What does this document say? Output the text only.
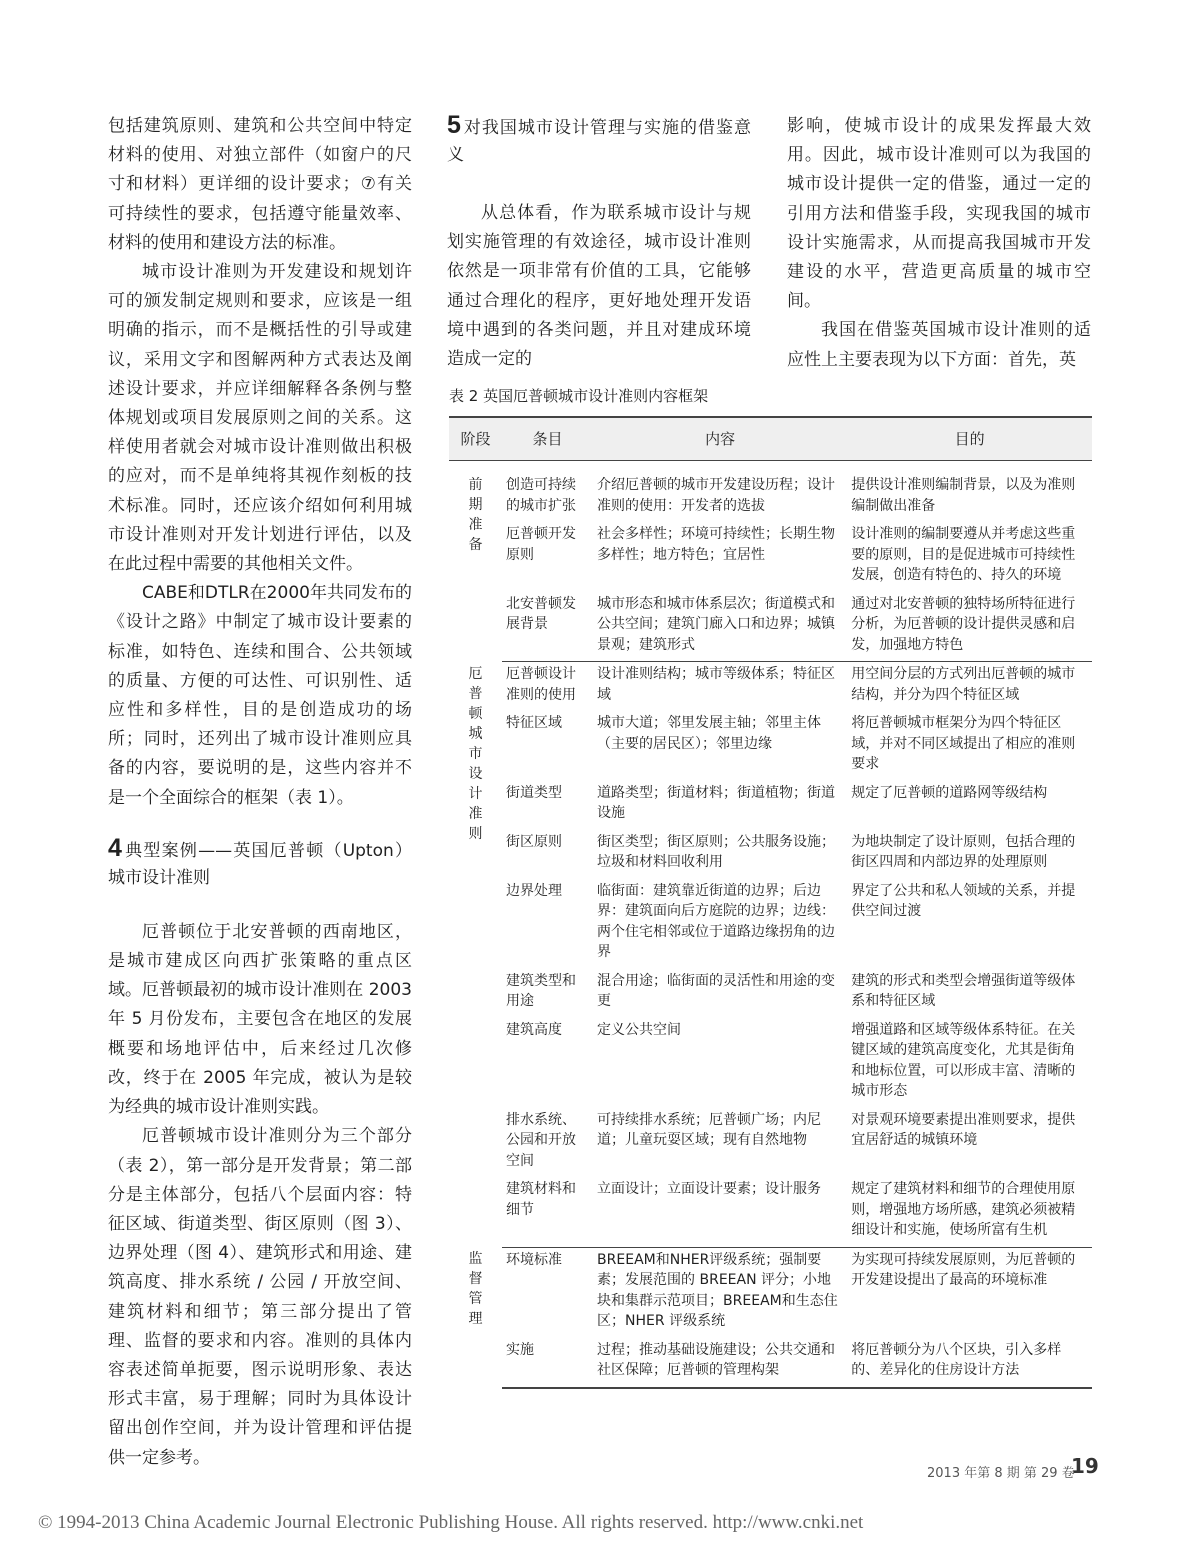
包括建筑原则、建筑和公共空间中特定材料的使用、对独立部件（如窗户的尺寸和材料）更详细的设计要求；⑦有关可持续性的要求，包括遵守能量效率、材料的使用和建设方法的标准。

城市设计准则为开发建设和规划许可的颁发制定规则和要求，应该是一组明确的指示，而不是概括性的引导或建议，采用文字和图解两种方式表达及阐述设计要求，并应详细解释各条例与整体规划或项目发展原则之间的关系。这样使用者就会对城市设计准则做出积极的应对，而不是单纯将其视作刻板的技术标准。同时，还应该介绍如何利用城市设计准则对开发计划进行评估，以及在此过程中需要的其他相关文件。

CABE和DTLR在2000年共同发布的《设计之路》中制定了城市设计要素的标准，如特色、连续和围合、公共领域的质量、方便的可达性、可识别性、适应性和多样性，目的是创造成功的场所；同时，还列出了城市设计准则应具备的内容，要说明的是，这些内容并不是一个全面综合的框架（表 1）。

4 典型案例——英国厄普顿（Upton）城市设计准则

厄普顿位于北安普顿的西南地区，是城市建成区向西扩张策略的重点区域。厄普顿最初的城市设计准则在 2003 年 5 月份发布，主要包含在地区的发展概要和场地评估中，后来经过几次修改，终于在 2005 年完成，被认为是较为经典的城市设计准则实践。

厄普顿城市设计准则分为三个部分（表 2），第一部分是开发背景；第二部分是主体部分，包括八个层面内容：特征区域、街道类型、街区原则（图 3）、边界处理（图 4）、建筑形式和用途、建筑高度、排水系统 / 公园 / 开放空间、建筑材料和细节；第三部分提出了管理、监督的要求和内容。准则的具体内容表述简单扼要，图示说明形象、表达形式丰富，易于理解；同时为具体设计留出创作空间，并为设计管理和评估提供一定参考。

5 对我国城市设计管理与实施的借鉴意义

从总体看，作为联系城市设计与规划实施管理的有效途径，城市设计准则依然是一项非常有价值的工具，它能够通过合理化的程序，更好地处理开发语境中遇到的各类问题，并且对建成环境造成一定的

影响，使城市设计的成果发挥最大效用。因此，城市设计准则可以为我国的城市设计提供一定的借鉴，通过一定的引用方法和借鉴手段，实现我国的城市设计实施需求，从而提高我国城市开发建设的水平，营造更高质量的城市空间。

我国在借鉴英国城市设计准则的适应性上主要表现为以下方面：首先，英

表 2 英国厄普顿城市设计准则内容框架
阶段	条目	内容	目的
前期准备	创造可持续的城市扩张	介绍厄普顿的城市开发建设历程；设计准则的使用：开发者的选拔	提供设计准则编制背景，以及为准则编制做出准备
	厄普顿开发原则	社会多样性；环境可持续性；长期生物多样性；地方特色；宜居性	设计准则的编制要遵从并考虑这些重要的原则，目的是促进城市可持续性发展，创造有特色的、持久的环境
	北安普顿发展背景	城市形态和城市体系层次；街道模式和公共空间；建筑门廊入口和边界；城镇景观；建筑形式	通过对北安普顿的独特场所特征进行分析，为厄普顿的设计提供灵感和启发，加强地方特色
厄普顿城市设计准则	厄普顿设计准则的使用	设计准则结构；城市等级体系；特征区域	用空间分层的方式列出厄普顿的城市结构，并分为四个特征区域
	特征区域	城市大道；邻里发展主轴；邻里主体（主要的居民区）；邻里边缘	将厄普顿城市框架分为四个特征区域，并对不同区域提出了相应的准则要求
	街道类型	道路类型；街道材料；街道植物；街道设施	规定了厄普顿的道路网等级结构
	街区原则	街区类型；街区原则；公共服务设施；垃圾和材料回收利用	为地块制定了设计原则，包括合理的街区四周和内部边界的处理原则
	边界处理	临街面：建筑靠近街道的边界；后边界：建筑面向后方庭院的边界；边线：两个住宅相邻或位于道路边缘拐角的边界	界定了公共和私人领域的关系，并提供空间过渡
	建筑类型和用途	混合用途；临街面的灵活性和用途的变更	建筑的形式和类型会增强街道等级体系和特征区域
	建筑高度	定义公共空间	增强道路和区域等级体系特征。在关键区域的建筑高度变化，尤其是街角和地标位置，可以形成丰富、清晰的城市形态
	排水系统、公园和开放空间	可持续排水系统；厄普顿广场；内尼道；儿童玩耍区域；现有自然地物	对景观环境要素提出准则要求，提供宜居舒适的城镇环境
	建筑材料和细节	立面设计；立面设计要素；设计服务	规定了建筑材料和细节的合理使用原则，增强地方场所感，建筑必须被精细设计和实施，使场所富有生机
监督管理	环境标准	BREEAM和NHER评级系统；强制要素；发展范围的 BREEAN 评分；小地块和集群示范项目；BREEAM和生态住区；NHER 评级系统	为实现可持续发展原则，为厄普顿的开发建设提出了最高的环境标准
	实施	过程；推动基础设施建设；公共交通和社区保障；厄普顿的管理构架	将厄普顿分为八个区块，引入多样的、差异化的住房设计方法
2013 年第 8 期 第 29 卷
19
© 1994-2013 China Academic Journal Electronic Publishing House. All rights reserved. http://www.cnki.net
